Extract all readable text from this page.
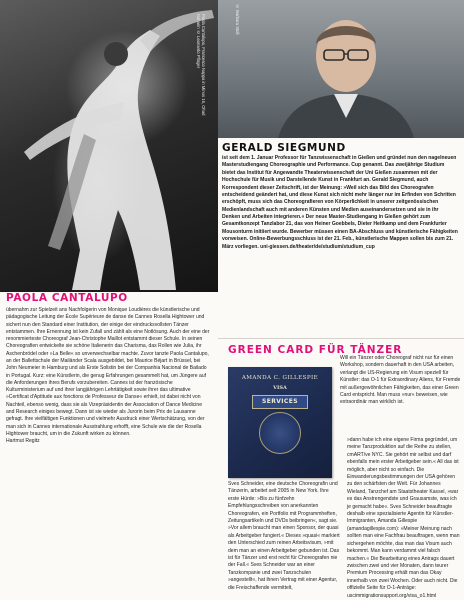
Paola Cantalupo, Francesco Nappa in Minus 16, Ohad Naharin © Leonardo Pflüger	© Barbara Stoll
GERALD SIEGMUND
ist seit dem 1. Januar Professor für Tanzwissenschaft in Gießen und gründet nun den nagelneuen Masterstudiengang Choreographie und Performance. Cup genannt. Das zweijährige Studium bietet das Institut für Angewandte Theaterwissenschaft der Uni Gießen zusammen mit der Hochschule für Musik und Darstellende Kunst in Frankfurt an. Gerald Siegmund, auch Korrespondent dieser Zeitschrift, ist der Meinung: »Weil sich das Bild des Choreografen entscheidend geändert hat, und diese Kunst sich nicht mehr länger nur im Erfinden von Schritten erschöpft, muss sich das Choreografieren von Körperlichkeit in unserer zeitgenössischen Medienlandschaft auch mit anderen Künsten und Medien auseinandersetzen und sie in ihr Denken und Arbeiten integrieren.« Der neue Master-Studiengang in Gießen gehört zum Gesamtkonzept Tanzlabor 21, das von Heiner Goebbels, Dieter Heitkamp und dem Frankfurter Mousonturm initiiert wurde. Bewerber müssen einen BA-Abschluss und künstlerische Fähigkeiten vorweisen. Online-Bewerbungsschluss ist der 21. Feb., künstlerische Mappen sollen bis zum 21. März vorliegen. uni-giessen.de/theater/de/studium/studium_cup
PAOLA CANTALUPO
übernahm zur Spielzeit ans Nachfolgerin von Monique Loudières die künstlerische und pädagogische Leitung der École Supérieure de danse de Cannes Rosella Hightower und sichert nun den Standard einer Institution, der einige der eindrucksvollsten Tänzer entstammen. Ihre Ernennung ist kein Zufall und zählt als eine Notlösung. Auch der eine der renommierteste Choreograf Jean-Christophe Maillot entstammt dieser Schule. In seinen Choreografien entwickelte sie schöne Italienerin das Charisma, das Rollen wie Julia, ihr Aschenbrödel oder »La Belle« so unverwechselbar machte. Zuvor tanzte Paola Cantalupo, an der Ballettschule der Mailänder Scala ausgebildet, bei Maurice Béjart in Brüssel, bei John Neumeier in Hamburg und als Erste Solistin bei der Companhia Nacional de Bailado in Portugal. Kurz: eine Künstlerin, die genug Erfahrungen gesammelt hat, um Jüngere auf die Anforderungen ihres Berufs vorzubereiten. Cannes ist der französische Kulturministerium auf und ihrer langjährigen Lehrtätigkeit sowie ihrer das ultimative »Certificat d'Aptitude aux fonctions de Professeur de Danse« erhielt, ist dabei nicht von Nachteil, ebenso wenig, dass sie als Vizepräsidentin der Association of Dance Medicine and Research einiges bewegt. Dann ist sie wieder als Jurorin beim Prix de Lausanne gefragt. Ihre vielfältigen Funktionen und vielmehr Ausdruck einer Wertschätzung, von der man sich in Cannes internationale Ausstrahlung erhofft, eine Schule wie die der Rosella Hightower braucht, um in die Zukunft wirken zu können.
Hartmut Regitz
GREEN CARD FÜR TÄNZER
AMANDA C. GILLESPIE
VISA
SERVICES
Sves Schneider, eine deutsche Choreografin und Tänzerin, arbeitet seit 2005 in New York. Ihre erste Hürde: »Bis zu fünfzehn Empfehlungsschreiben von anerkannten Choreografen, ein Portfolio mit Programmheften, Zeitungsartikeln und DVDs beibringen«, sagt sie. »Vor allem braucht man einen Sponsor, der quasi als Arbeitgeber fungiert.« Dieses »quasi« markiert den Unterschied zum reinen Arbeitsvisum, »mit dem man an einen Arbeitgeber gebunden ist. Das ist für Tänzer und erst recht für Choreografen nie der Fall.« Sves Schneider war an einer Tanzkompanie und zwei Tanzschulen »angestellt«, hat ihnen Vertrag mit einer Agentur, die Freischaffende vermittelt,
Will ein Tänzer oder Choreograf nicht nur für einen Workshop, sondern dauerhaft in den USA arbeiten, verlangt die US-Regierung ein Visum speziell für Künstler: das O-1 für Extraordinary Aliens, für Fremde mit außergewöhnlichen Fähigkeiten, das einer Green Card entspricht. Man muss »nur« beweisen, wie extraordinär man wirklich ist.
»dann habe ich eine eigene Firma gegründet, um meine Tanzproduktion auf die Reihe zu stellen, cmART/ve NYC. Sie gehört mir selbst und darf ebenfalls mein erster Arbeitgeber sein.« All das ist möglich, aber nicht so einfach. Die Einwanderungsbestimmungen der USA gehören zu den schärfsten der Welt. Für Johannes Wieland, Tanzchef am Staatstheater Kassel, »war es das Anstrengendste und Grausamste, was ich je gemacht habe«. Sves Schneider beauftragte deshalb eine spezialisierte Agentin für Künstler-Immigranten, Amanda Gillespie (amandagillespie.com): »Meiner Meinung nach sollten man eine Fachfrau beauftragen, wenn man sichergehen möchte, das man das Visum auch bekommt. Man kann verdammt viel falsch machen.« Die Bearbeitung eines Antrags dauert zwischen zwei und vier Monaten, dann teurer Premium Processing erhält man das Okay innerhalb von zwei Wochen. Oder auch nicht. Die offizielle Seite für O-1-Anträge: uscimmigrationsupport.org/visa_o1.html
